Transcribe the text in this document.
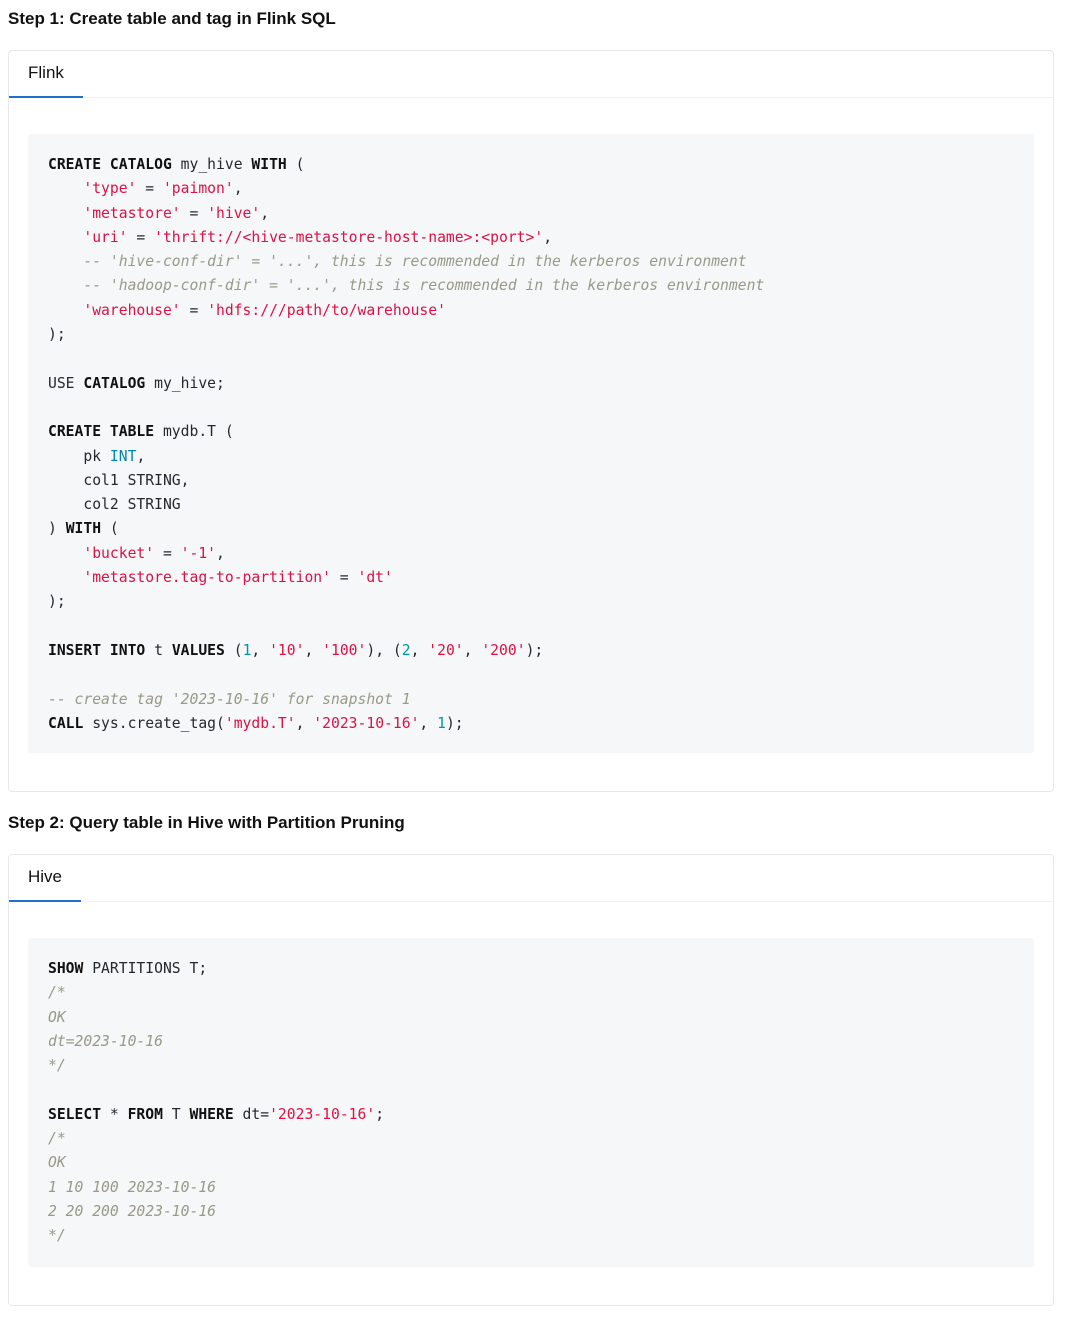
Step 1: Create table and tag in Flink SQL
Flink
CREATE CATALOG my_hive WITH (
'type' = 'paimon',
'metastore' = 'hive',
'uri' = 'thrift://<hive-metastore-host-name>:<port>',
-- 'hive-conf-dir' = '...', this is recommended in the kerberos environment
-- 'hadoop-conf-dir' = '...', this is recommended in the kerberos environment
'warehouse' = 'hdfs:///path/to/warehouse'
);
USE CATALOG my_hive;
CREATE TABLE mydb.T (
pk INT,
col1 STRING,
col2 STRING
) WITH (
'bucket' = '-1',
'metastore.tag-to-partition' = 'dt'
);
INSERT INTO t VALUES (1, '10', '100'), (2, '20', '200');
-- create tag '2023-10-16' for snapshot 1
CALL sys.create_tag('mydb.T', '2023-10-16', 1);
Step 2: Query table in Hive with Partition Pruning
Hive
SHOW PARTITIONS T;
/*
OK
dt=2023-10-16
*/
SELECT * FROM T WHERE dt='2023-10-16';
/*
OK
1 10 100 2023-10-16
2 20 200 2023-10-16
*/
